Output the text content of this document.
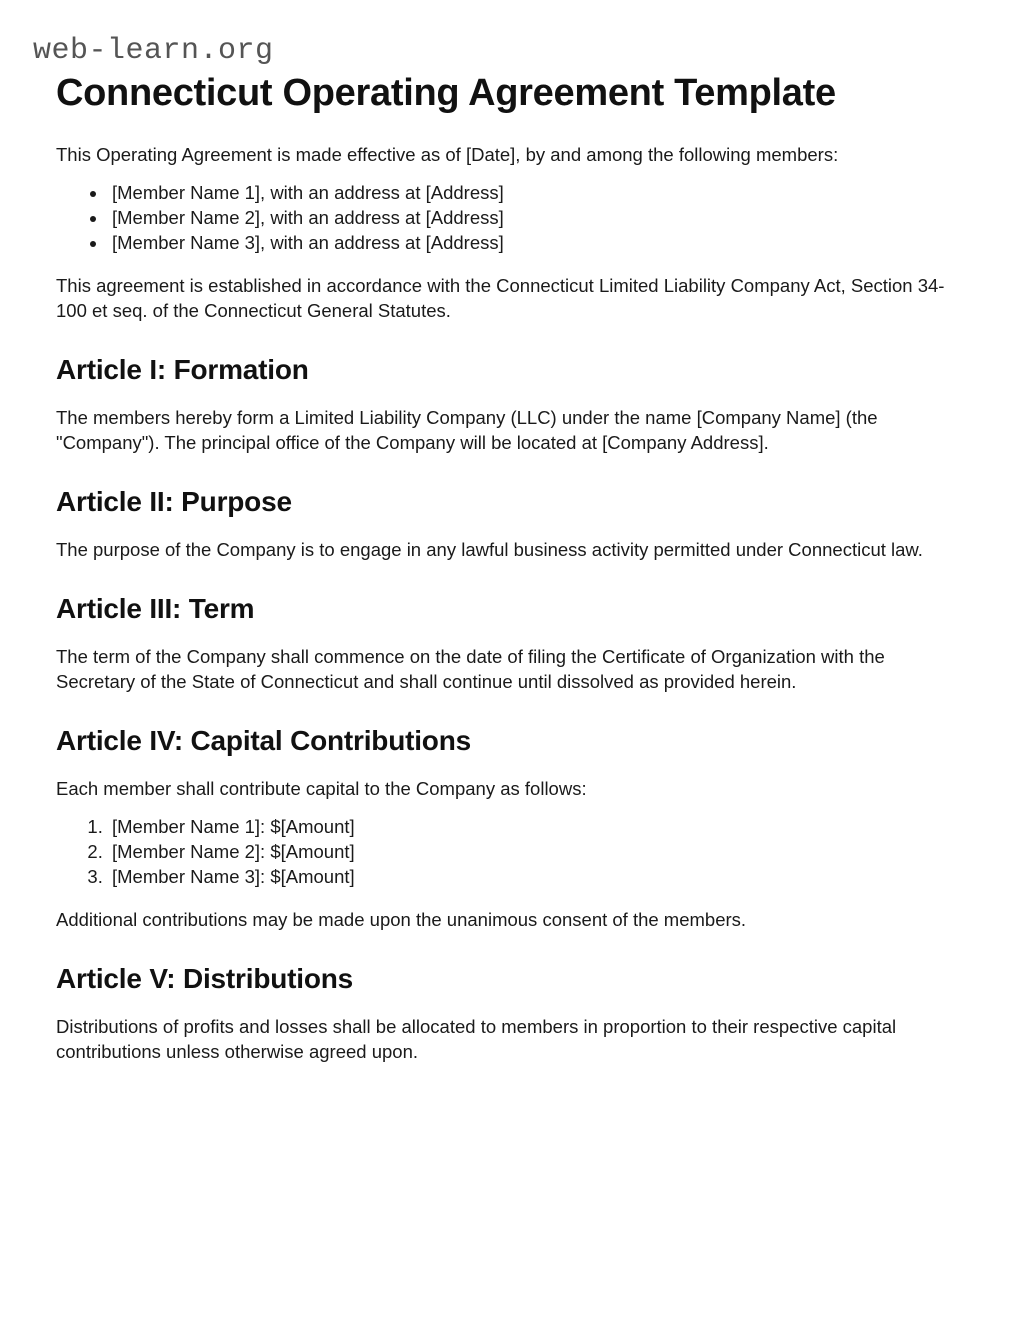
web-learn.org
Connecticut Operating Agreement Template

This Operating Agreement is made effective as of [Date], by and among the following members:

• [Member Name 1], with an address at [Address]
• [Member Name 2], with an address at [Address]
• [Member Name 3], with an address at [Address]

This agreement is established in accordance with the Connecticut Limited Liability Company Act, Section 34-100 et seq. of the Connecticut General Statutes.

Article I: Formation

The members hereby form a Limited Liability Company (LLC) under the name [Company Name] (the "Company"). The principal office of the Company will be located at [Company Address].

Article II: Purpose

The purpose of the Company is to engage in any lawful business activity permitted under Connecticut law.

Article III: Term

The term of the Company shall commence on the date of filing the Certificate of Organization with the Secretary of the State of Connecticut and shall continue until dissolved as provided herein.

Article IV: Capital Contributions

Each member shall contribute capital to the Company as follows:

1. [Member Name 1]: $[Amount]
2. [Member Name 2]: $[Amount]
3. [Member Name 3]: $[Amount]

Additional contributions may be made upon the unanimous consent of the members.

Article V: Distributions

Distributions of profits and losses shall be allocated to members in proportion to their respective capital contributions unless otherwise agreed upon.
